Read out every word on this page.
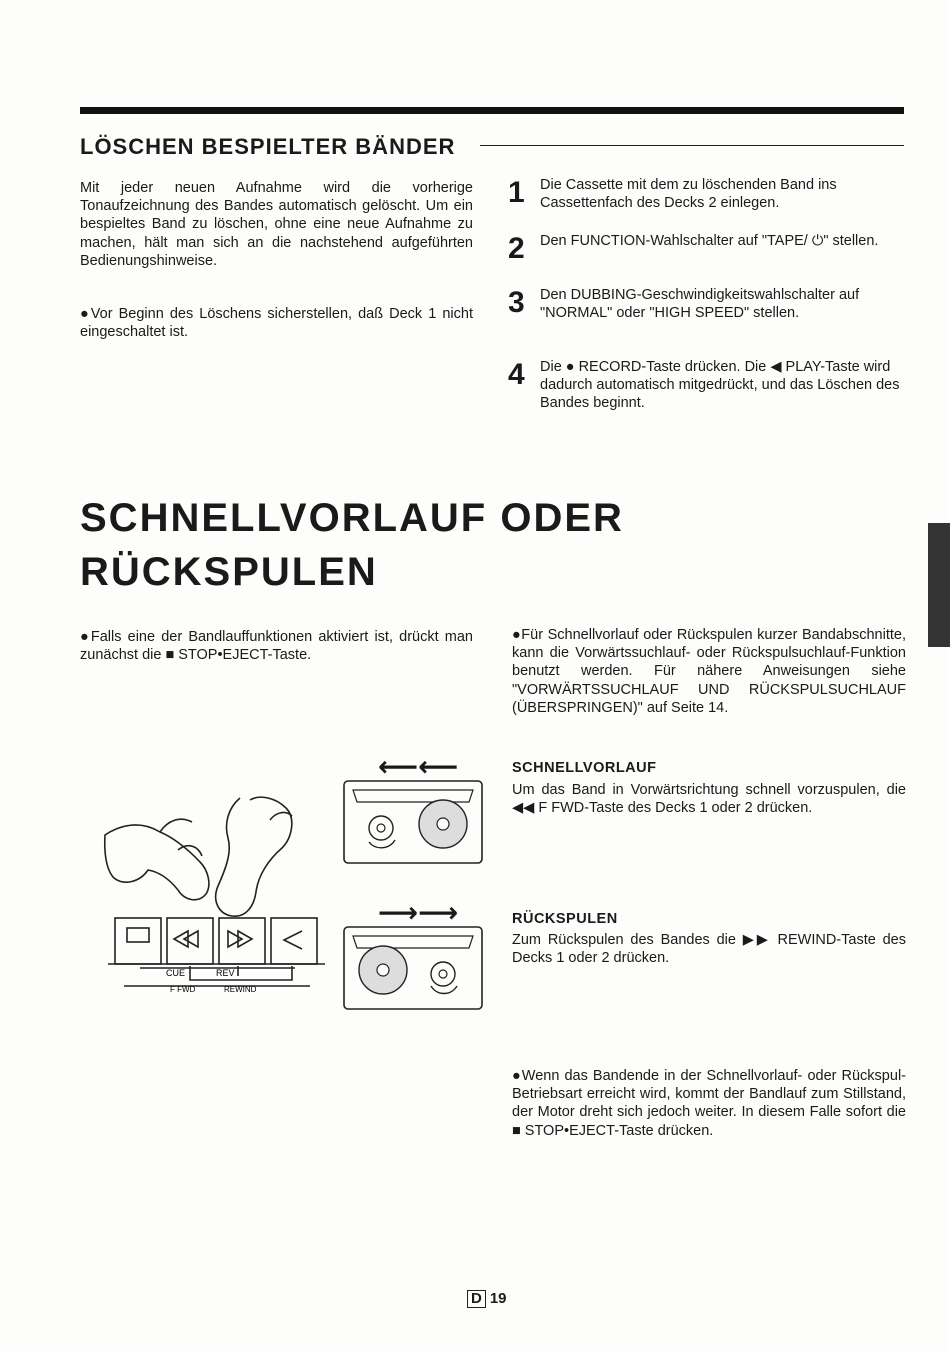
LÖSCHEN BESPIELTER BÄNDER
Mit jeder neuen Aufnahme wird die vorherige Tonaufzeichnung des Bandes automatisch gelöscht. Um ein bespieltes Band zu löschen, ohne eine neue Aufnahme zu machen, hält man sich an die nachstehend aufgeführten Bedienungshinweise.
●Vor Beginn des Löschens sicherstellen, daß Deck 1 nicht eingeschaltet ist.
1 Die Cassette mit dem zu löschenden Band ins Cassettenfach des Decks 2 einlegen.
2 Den FUNCTION-Wahlschalter auf "TAPE/ ⏻" stellen.
3 Den DUBBING-Geschwindigkeitswahlschalter auf "NORMAL" oder "HIGH SPEED" stellen.
4 Die ● RECORD-Taste drücken. Die ◀ PLAY-Taste wird dadurch automatisch mitgedrückt, und das Löschen des Bandes beginnt.
SCHNELLVORLAUF ODER
RÜCKSPULEN
●Falls eine der Bandlauffunktionen aktiviert ist, drückt man zunächst die ■ STOP•EJECT-Taste.
●Für Schnellvorlauf oder Rückspulen kurzer Bandabschnitte, kann die Vorwärtssuchlauf- oder Rückspulsuchlauf-Funktion benutzt werden. Für nähere Anweisungen siehe "VORWÄRTSSUCHLAUF UND RÜCKSPULSUCHLAUF (ÜBERSPRINGEN)" auf Seite 14.
SCHNELLVORLAUF
Um das Band in Vorwärtsrichtung schnell vorzuspulen, die ◀◀ F FWD-Taste des Decks 1 oder 2 drücken.
RÜCKSPULEN
Zum Rückspulen des Bandes die ▶▶ REWIND-Taste des Decks 1 oder 2 drücken.
●Wenn das Bandende in der Schnellvorlauf- oder Rückspul-Betriebsart erreicht wird, kommt der Bandlauf zum Stillstand, der Motor dreht sich jedoch weiter. In diesem Falle sofort die ■ STOP•EJECT-Taste drücken.
CUE	REV
F FWD	REWIND
⟵⟵
⟶⟶
D 19
